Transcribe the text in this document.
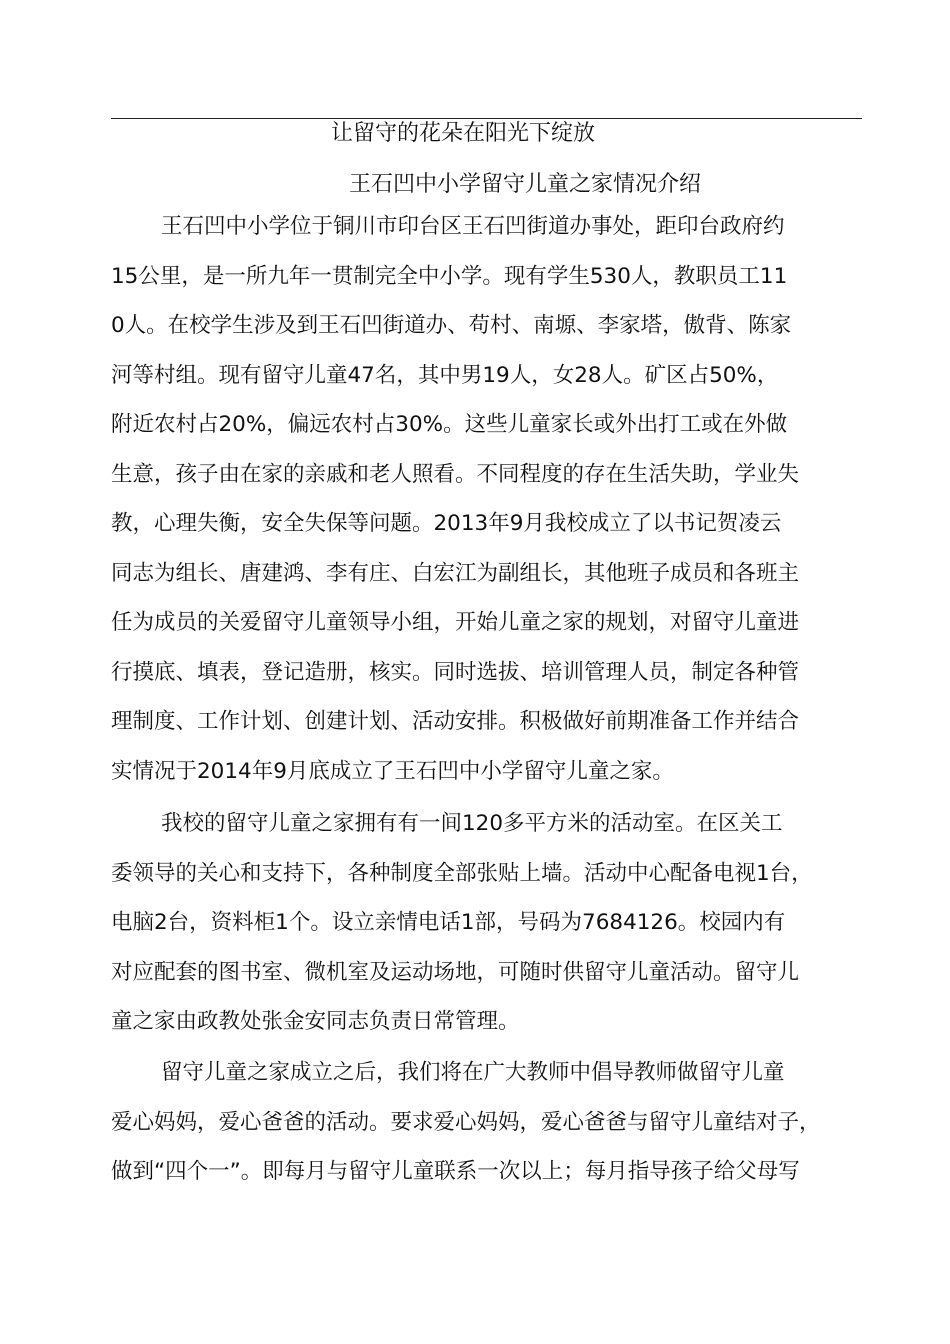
让留守的花朵在阳光下绽放
王石凹中小学留守儿童之家情况介绍
王石凹中小学位于铜川市印台区王石凹街道办事处，距印台政府约
15公里，是一所九年一贯制完全中小学。现有学生530人，教职员工11
0人。在校学生涉及到王石凹街道办、苟村、南塬、李家塔，傲背、陈家
河等村组。现有留守儿童47名，其中男19人，女28人。矿区占50%，
附近农村占20%，偏远农村占30%。这些儿童家长或外出打工或在外做
生意，孩子由在家的亲戚和老人照看。不同程度的存在生活失助，学业失
教，心理失衡，安全失保等问题。2013年9月我校成立了以书记贺凌云
同志为组长、唐建鸿、李有庄、白宏江为副组长，其他班子成员和各班主
任为成员的关爱留守儿童领导小组，开始儿童之家的规划，对留守儿童进
行摸底、填表，登记造册，核实。同时选拔、培训管理人员，制定各种管
理制度、工作计划、创建计划、活动安排。积极做好前期准备工作并结合
实情况于2014年9月底成立了王石凹中小学留守儿童之家。
我校的留守儿童之家拥有有一间120多平方米的活动室。在区关工
委领导的关心和支持下，各种制度全部张贴上墙。活动中心配备电视1台，
电脑2台，资料柜1个。设立亲情电话1部，号码为7684126。校园内有
对应配套的图书室、微机室及运动场地，可随时供留守儿童活动。留守儿
童之家由政教处张金安同志负责日常管理。
留守儿童之家成立之后，我们将在广大教师中倡导教师做留守儿童
爱心妈妈，爱心爸爸的活动。要求爱心妈妈，爱心爸爸与留守儿童结对子，
做到“四个一”。即每月与留守儿童联系一次以上；每月指导孩子给父母写
